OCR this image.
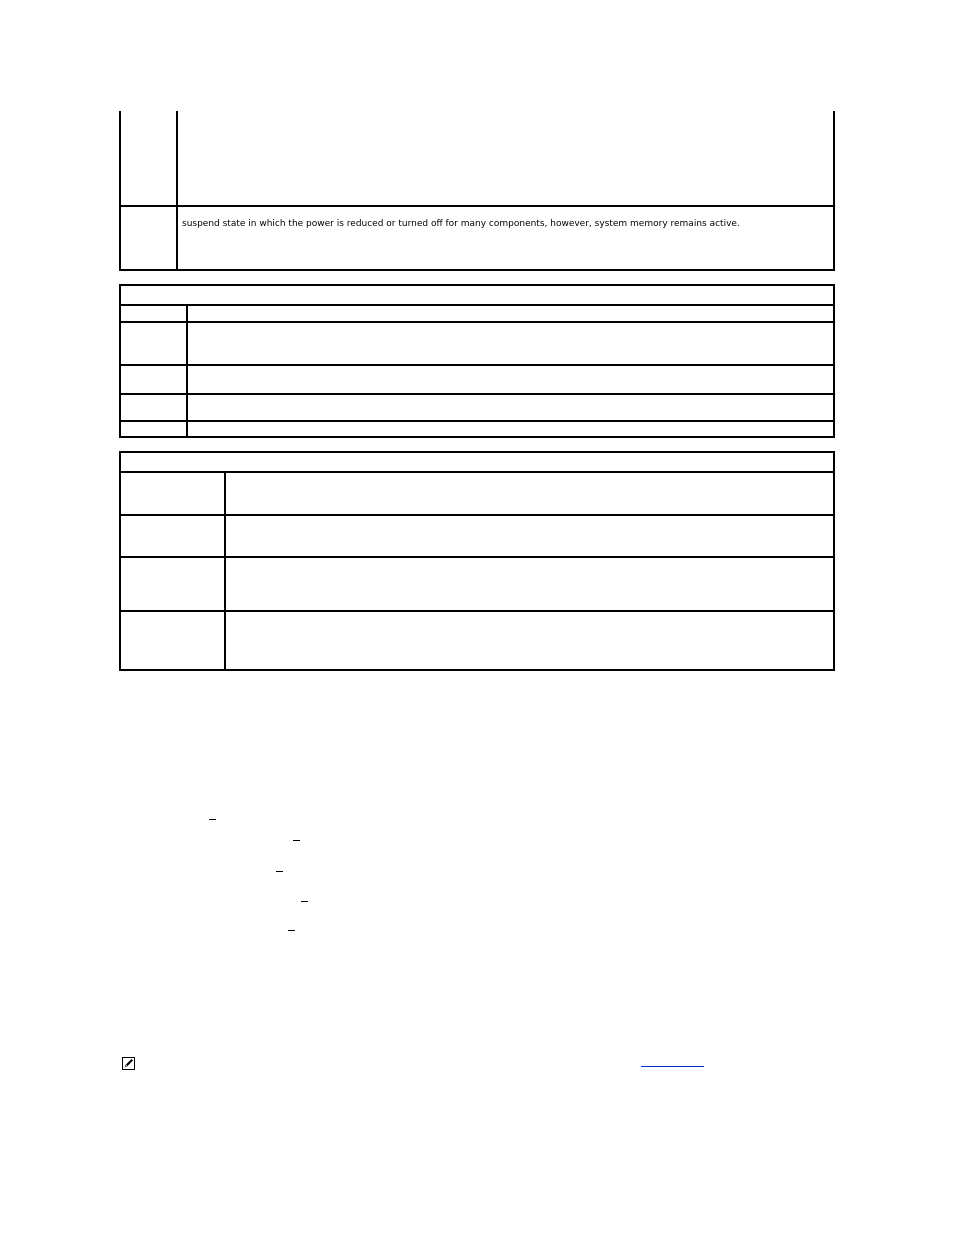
suspend state in which the power is reduced or turned off for many components, however, system memory remains active.
